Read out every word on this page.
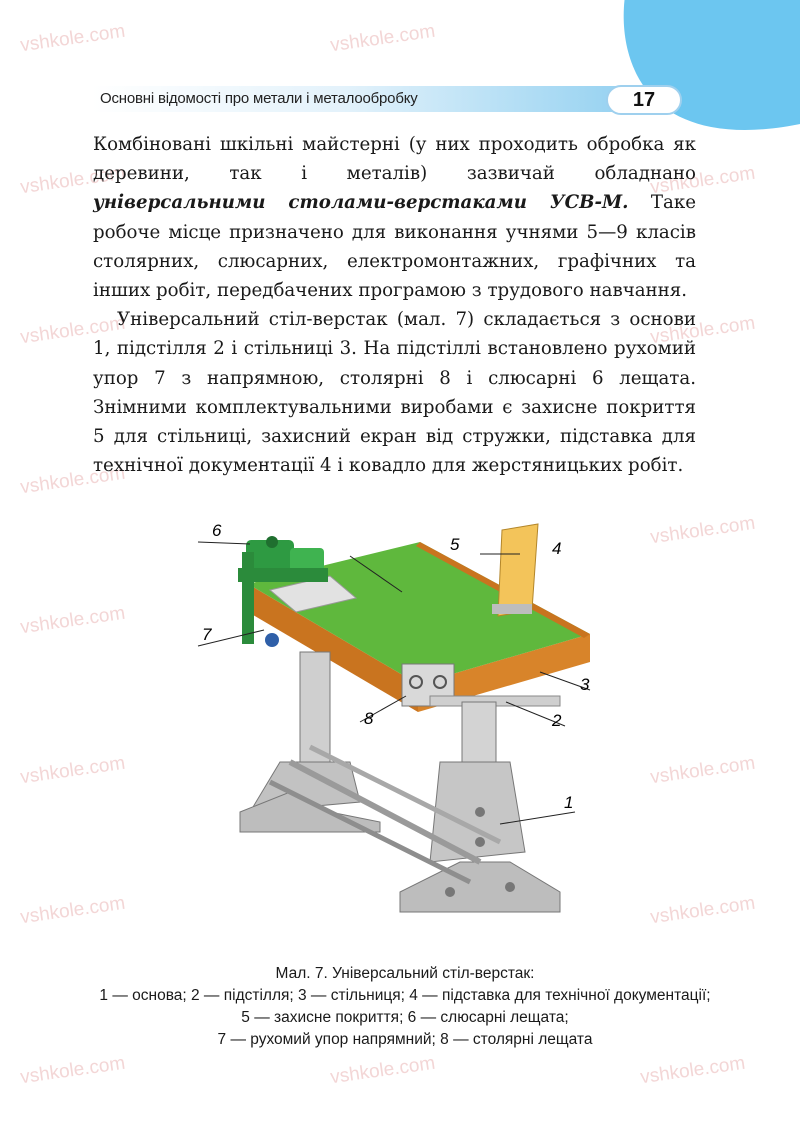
vshkole.com	vshkole.com
vshkole.com	vshkole.com
vshkole.com	vshkole.com
vshkole.com
vshkole.com
vshkole.com
vshkole.com	vshkole.com
vshkole.com	vshkole.com
vshkole.com	vshkole.com	vshkole.com
Основні відомості про метали і металообробку	17

Комбіновані шкільні майстерні (у них проходить обробка як деревини, так і металів) зазвичай обладнано універсальними столами-верстаками УСВ-М. Таке робоче місце призначено для виконання учнями 5—9 класів столярних, слюсарних, електромонтажних, графічних та інших робіт, передбачених програмою з трудового навчання.

Універсальний стіл-верстак (мал. 7) складається з основи 1, підстілля 2 і стільниці 3. На підстіллі встановлено рухомий упор 7 з напрямною, столярні 8 і слюсарні 6 лещата. Знімними комплектувальними виробами є захисне покриття 5 для стільниці, захисний екран від стружки, підставка для технічної документації 4 і ковадло для жерстяницьких робіт.

6
7
5	4
3
2
8
1

Мал. 7. Універсальний стіл-верстак:

1 — основа; 2 — підстілля; 3 — стільниця; 4 — підставка для технічної документації; 5 — захисне покриття; 6 — слюсарні лещата;

7 — рухомий упор напрямний; 8 — столярні лещата
